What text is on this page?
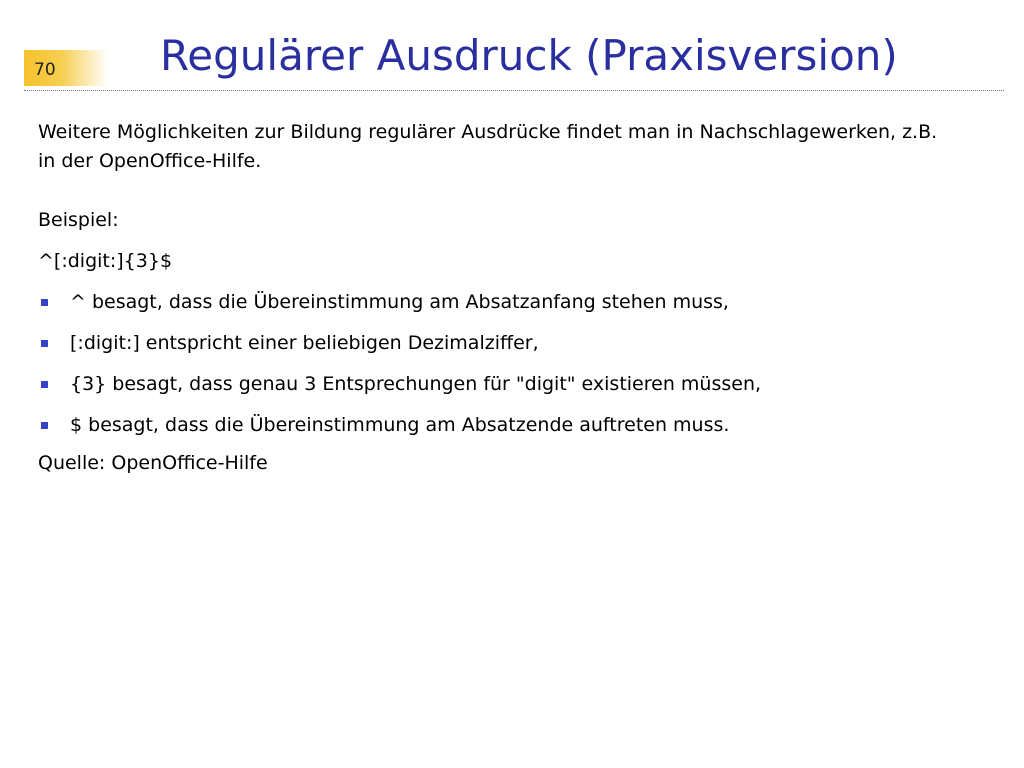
70 Regulärer Ausdruck (Praxisversion)

Weitere Möglichkeiten zur Bildung regulärer Ausdrücke findet man in Nachschlagewerken, z.B.
in der OpenOffice-Hilfe.

Beispiel:

^[:digit:]{3}$

^ besagt, dass die Übereinstimmung am Absatzanfang stehen muss,
[:digit:] entspricht einer beliebigen Dezimalziffer,
{3} besagt, dass genau 3 Entsprechungen für "digit" existieren müssen,
$ besagt, dass die Übereinstimmung am Absatzende auftreten muss.

Quelle: OpenOffice-Hilfe
